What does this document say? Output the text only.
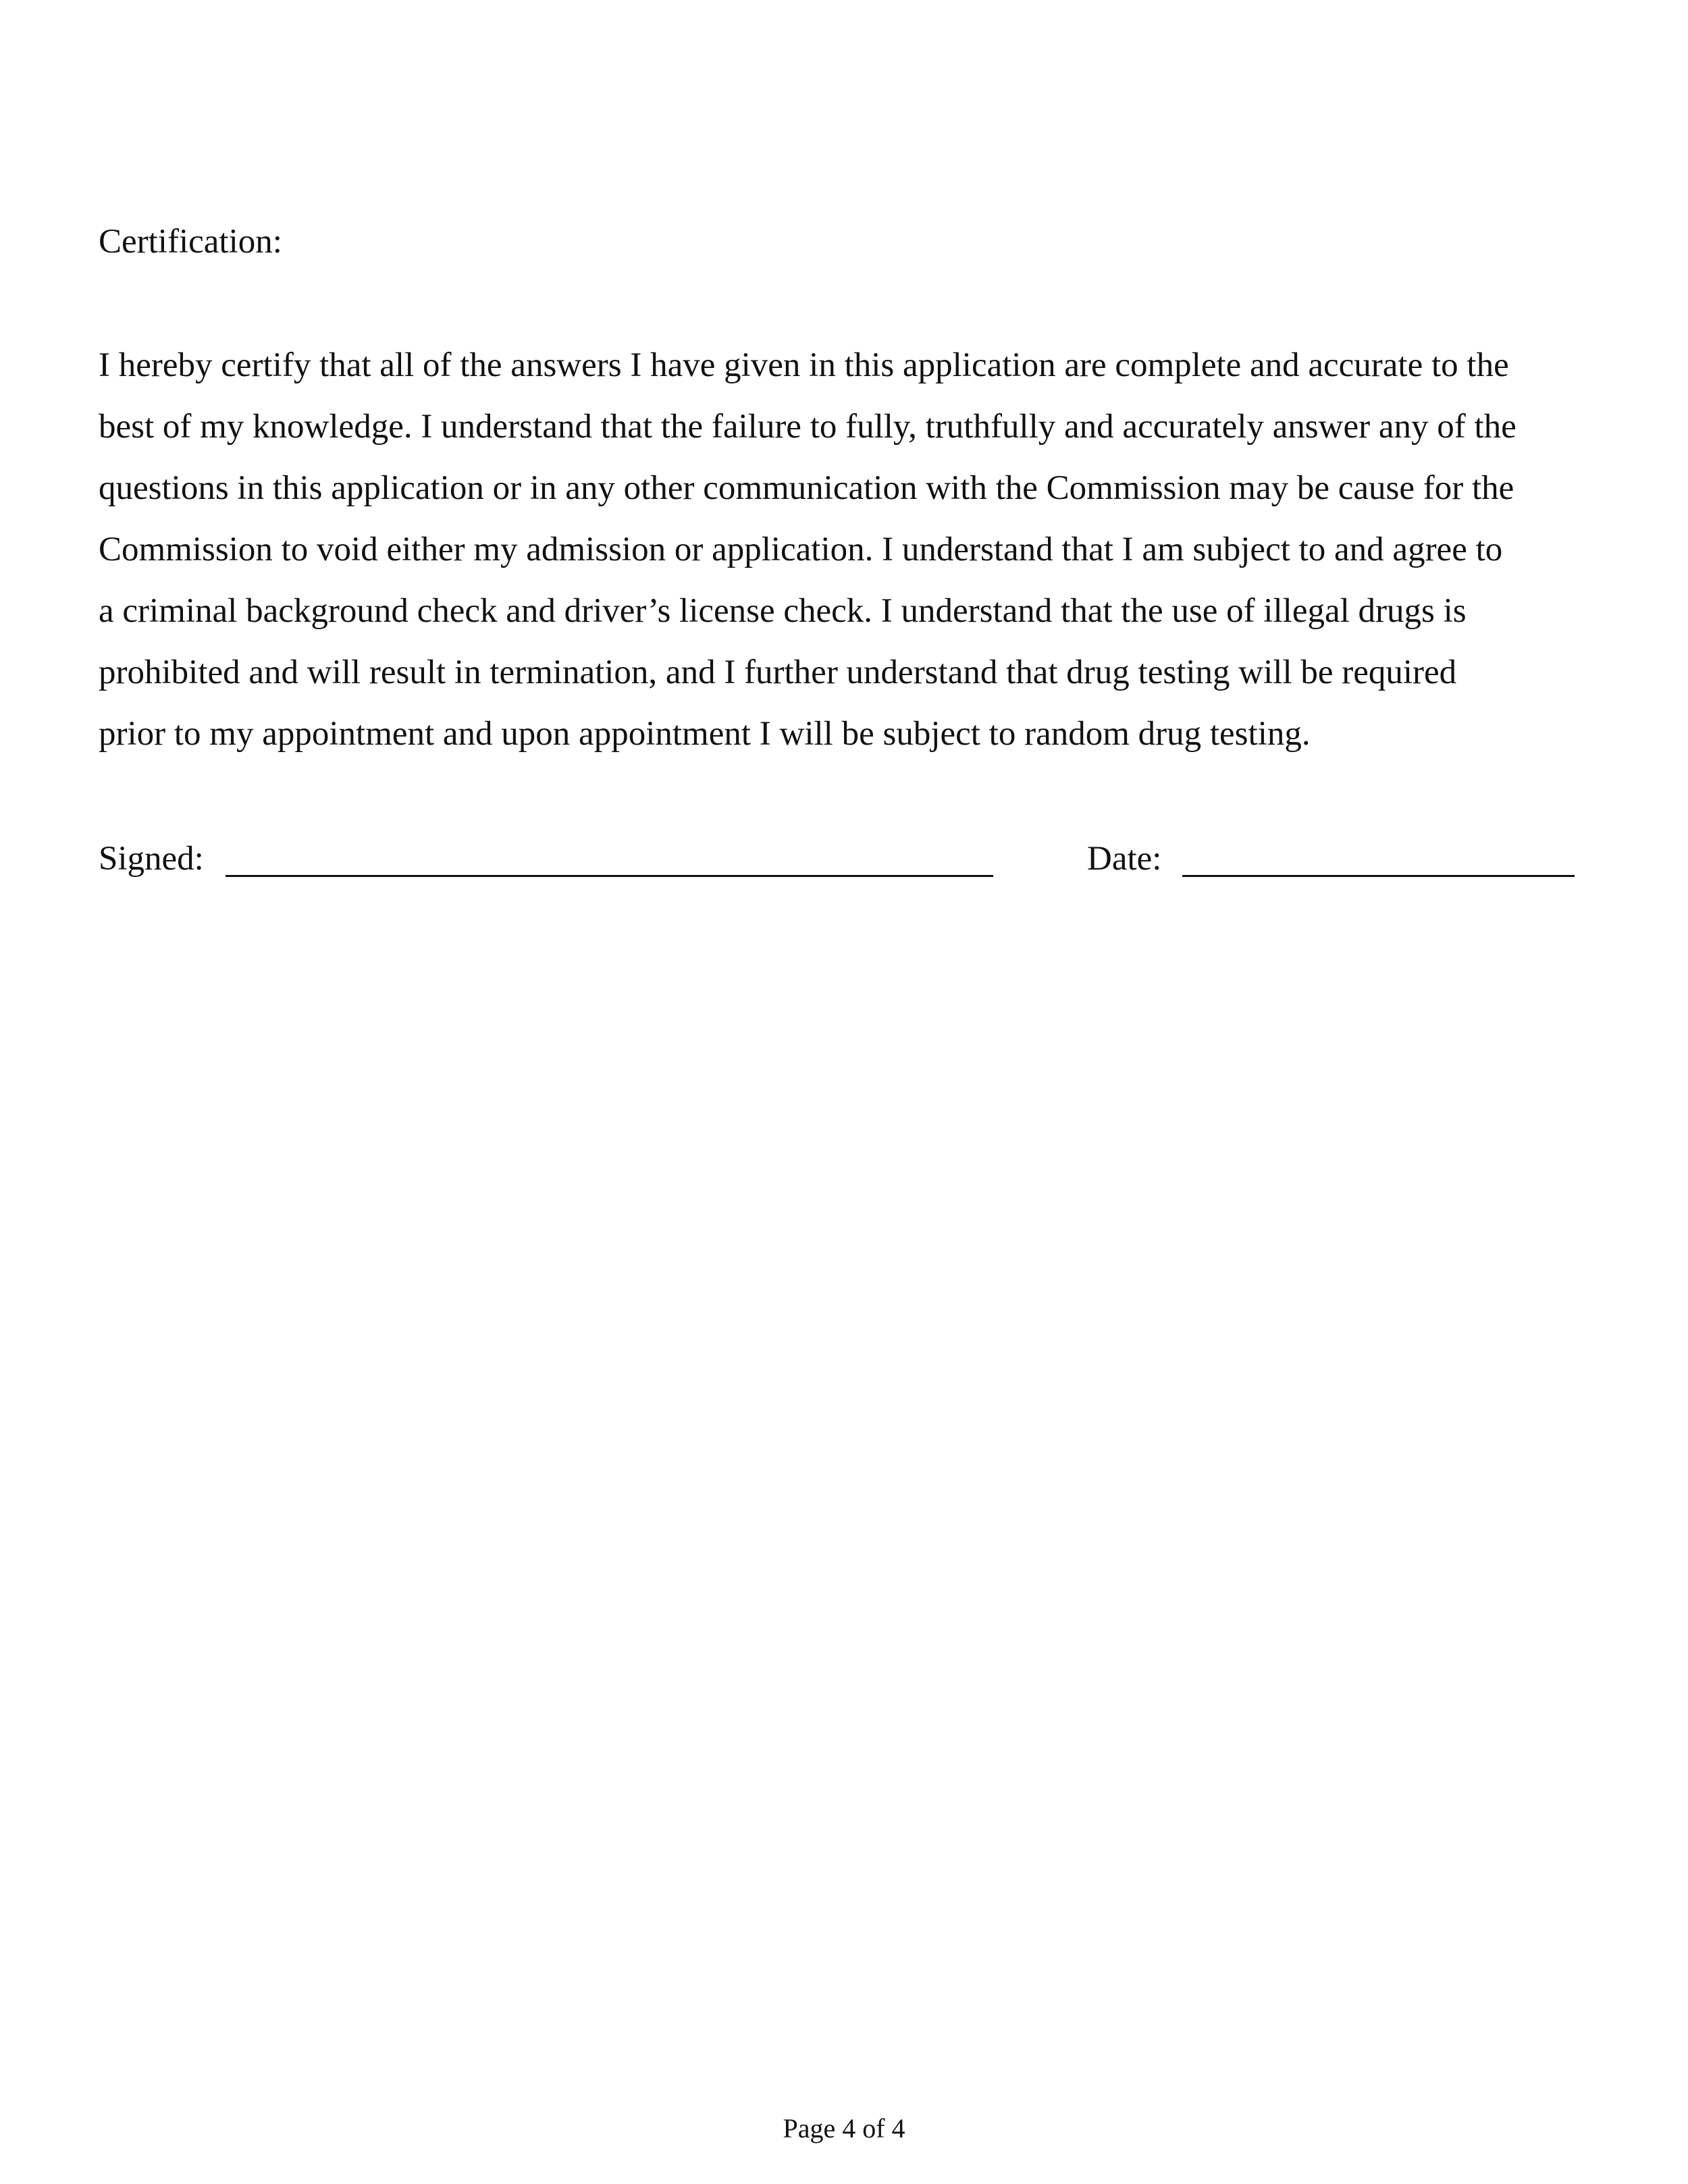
Certification:

I hereby certify that all of the answers I have given in this application are complete and accurate to the

best of my knowledge. I understand that the failure to fully, truthfully and accurately answer any of the

questions in this application or in any other communication with the Commission may be cause for the

Commission to void either my admission or application. I understand that I am subject to and agree to

a criminal background check and driver’s license check. I understand that the use of illegal drugs is

prohibited and will result in termination, and I further understand that drug testing will be required

prior to my appointment and upon appointment I will be subject to random drug testing.

Signed:	Date:
Page 4 of 4
